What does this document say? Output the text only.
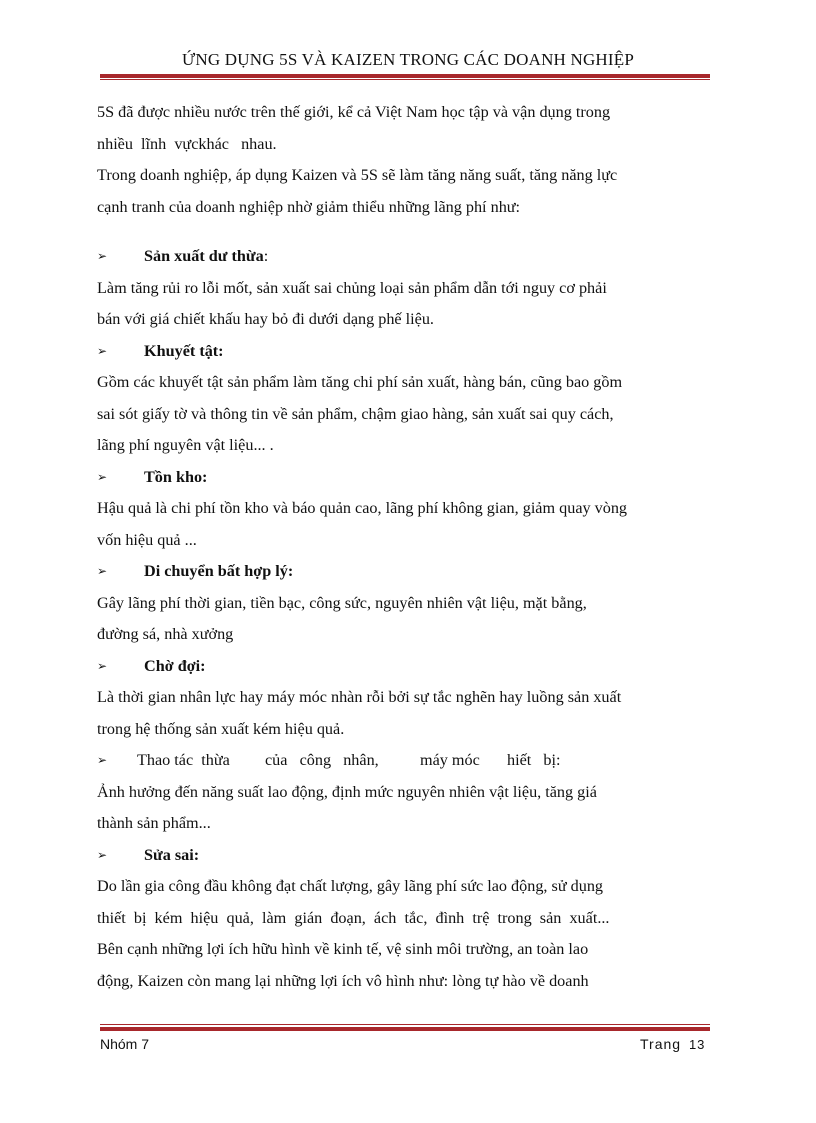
ỨNG DỤNG 5S VÀ KAIZEN TRONG CÁC DOANH NGHIỆP

5S đã được nhiều nước trên thế giới, kể cả Việt Nam học tập và vận dụng trong

nhiều  lĩnh  vựckhác   nhau.

Trong doanh nghiệp, áp dụng Kaizen và 5S sẽ làm tăng năng suất, tăng năng lực

cạnh tranh của doanh nghiệp nhờ giảm thiểu những lãng phí như:

➢	Sản xuất dư thừa :

Làm tăng rủi ro lỗi mốt, sản xuất sai chủng loại sản phẩm dẫn tới nguy cơ phải

bán với giá chiết khấu hay bỏ đi dưới dạng phế liệu.

➢	Khuyết tật:

Gồm các khuyết tật sản phẩm làm tăng chi phí sản xuất, hàng bán, cũng bao gồm

sai sót giấy tờ và thông tin về sản phẩm, chậm giao hàng, sản xuất sai quy cách,

lãng phí nguyên vật liệu... .

➢	Tồn kho:

Hậu quả là chi phí tồn kho và báo quản cao, lãng phí không gian, giảm quay vòng

vốn hiệu quả ...

➢	Di chuyển bất hợp lý:

Gây lãng phí thời gian, tiền bạc, công sức, nguyên nhiên vật liệu, mặt bằng,

đường sá, nhà xưởng

➢	Chờ đợi:

Là thời gian nhân lực hay máy móc nhàn rỗi bởi sự tắc nghẽn hay luồng sản xuất

trong hệ thống sản xuất kém hiệu quả.

➢	Thao tác  thừa	của   công   nhân,	máy móc	hiết   bị:

Ảnh hưởng đến năng suất lao động, định mức nguyên nhiên vật liệu, tăng giá

thành sản phẩm...

➢	Sửa sai:

Do lần gia công đầu không đạt chất lượng, gây lãng phí sức lao động, sử dụng

thiết  bị  kém  hiệu  quả,  làm  gián  đoạn,  ách  tắc,  đình  trệ  trong  sản  xuất...

Bên cạnh những lợi ích hữu hình về kinh tế, vệ sinh môi trường, an toàn lao

động, Kaizen còn mang lại những lợi ích vô hình như: lòng tự hào về doanh

Nhóm 7	Trang 13
